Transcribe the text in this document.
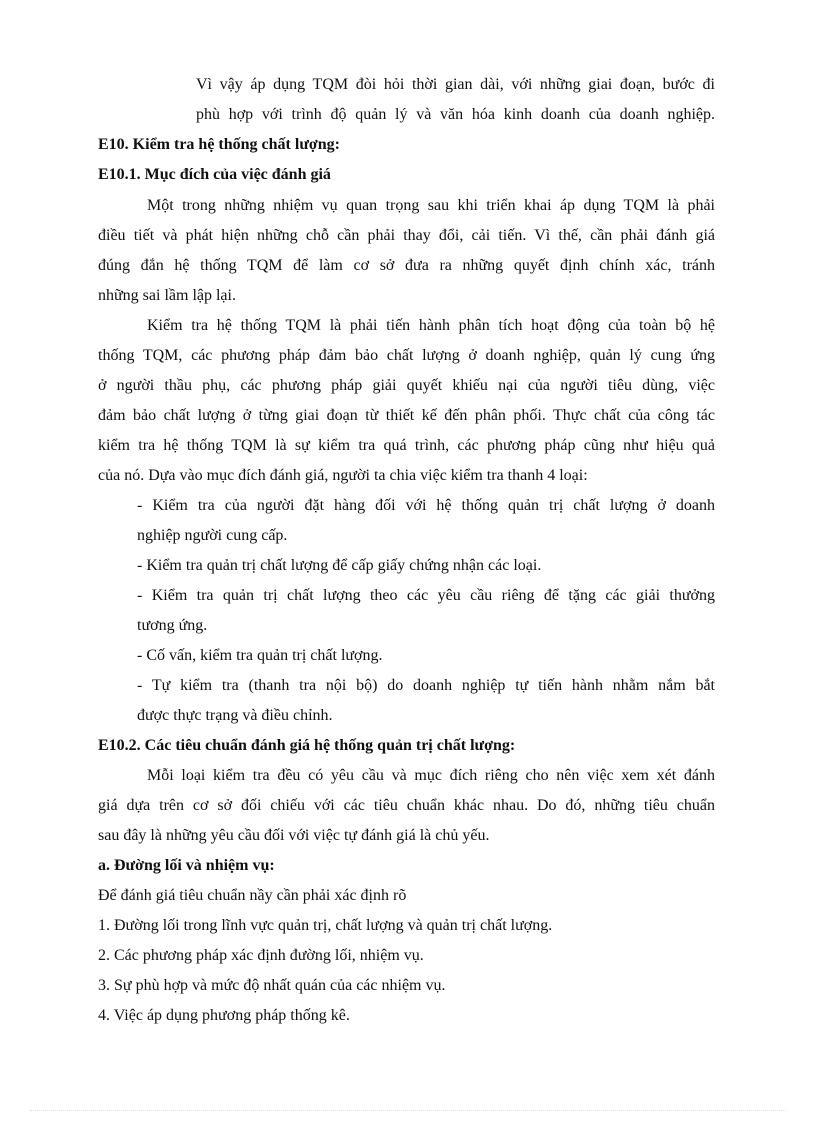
Vì vậy áp dụng TQM đòi hỏi thời gian dài, với những giai đoạn, bước đi
phù hợp với trình độ quản lý và văn hóa kinh doanh của doanh nghiệp.
E10. Kiểm tra hệ thống chất lượng:
E10.1. Mục đích của việc đánh giá
Một trong những nhiệm vụ quan trọng sau khi triển khai áp dụng TQM là phải
điều tiết và phát hiện những chỗ cần phải thay đổi, cải tiến. Vì thế, cần phải đánh giá
đúng đắn hệ thống TQM để làm cơ sở đưa ra những quyết định chính xác, tránh
những sai lầm lập lại.
Kiểm tra hệ thống TQM là phải tiến hành phân tích hoạt động của toàn bộ hệ
thống TQM, các phương pháp đảm bảo chất lượng ở doanh nghiệp, quản lý cung ứng
ở người thầu phụ, các phương pháp giải quyết khiếu nại của người tiêu dùng, việc
đảm bảo chất lượng ở từng giai đoạn từ thiết kế đến phân phối. Thực chất của công tác
kiểm tra hệ thống TQM là sự kiểm tra quá trình, các phương pháp cũng như hiệu quả
của nó. Dựa vào mục đích đánh giá, người ta chia việc kiểm tra thanh 4 loại:
- Kiểm tra của người đặt hàng đối với hệ thống quản trị chất lượng ở doanh
nghiệp người cung cấp.
- Kiểm tra quản trị chất lượng để cấp giấy chứng nhận các loại.
- Kiểm tra quản trị chất lượng theo các yêu cầu riêng để tặng các giải thưởng
tương ứng.
- Cố vấn, kiểm tra quản trị chất lượng.
- Tự kiểm tra (thanh tra nội bộ) do doanh nghiệp tự tiến hành nhằm nắm bắt
được thực trạng và điều chỉnh.
E10.2. Các tiêu chuẩn đánh giá hệ thống quản trị chất lượng:
Mỗi loại kiểm tra đều có yêu cầu và mục đích riêng cho nên việc xem xét đánh
giá dựa trên cơ sở đối chiếu với các tiêu chuẩn khác nhau. Do đó, những tiêu chuẩn
sau đây là những yêu cầu đối với việc tự đánh giá là chủ yếu.
a. Đường lối và nhiệm vụ:
Để đánh giá tiêu chuẩn nầy cần phải xác định rõ
1. Đường lối trong lĩnh vực quản trị, chất lượng và quản trị chất lượng.
2. Các phương pháp xác định đường lối, nhiệm vụ.
3. Sự phù hợp và mức độ nhất quán của các nhiệm vụ.
4. Việc áp dụng phương pháp thống kê.
